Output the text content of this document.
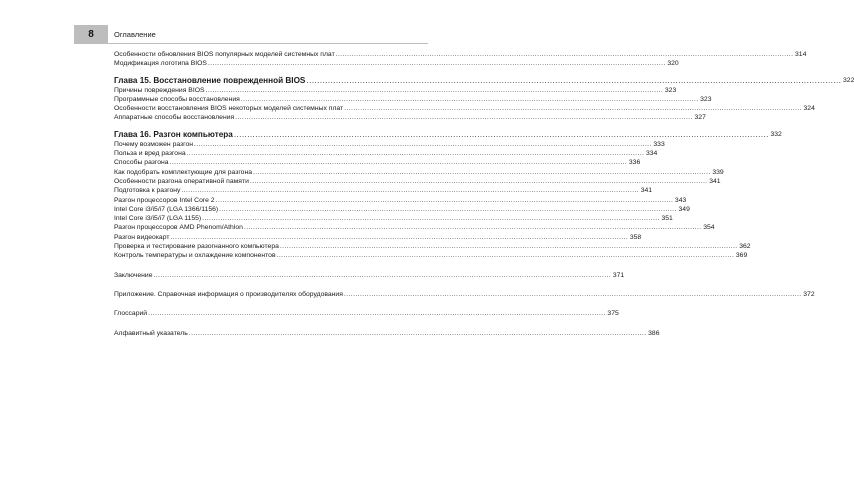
8	Оглавление
Особенности обновления BIOS популярных моделей системных плат .....	314
Модификация логотипа BIOS .....	320
Глава 15. Восстановление поврежденной BIOS .....	322
Причины повреждения BIOS .....	323
Программные способы восстановления .....	323
Особенности восстановления BIOS некоторых моделей системных плат .....	324
Аппаратные способы восстановления .....	327
Глава 16. Разгон компьютера .....	332
Почему возможен разгон .....	333
Польза и вред разгона .....	334
Способы разгона .....	336
Как подобрать комплектующие для разгона .....	339
Особенности разгона оперативной памяти .....	341
Подготовка к разгону .....	341
Разгон процессоров Intel Core 2 .....	343
Intel Core i3/i5/i7 (LGA 1366/1156) .....	349
Intel Core i3/i5/i7 (LGA 1155) .....	351
Разгон процессоров AMD Phenom/Athlon .....	354
Разгон видеокарт .....	358
Проверка и тестирование разогнанного компьютера .....	362
Контроль температуры и охлаждение компонентов .....	369
Заключение .....	371
Приложение. Справочная информация о производителях оборудования .....	372
Глоссарий .....	375
Алфавитный указатель .....	386
